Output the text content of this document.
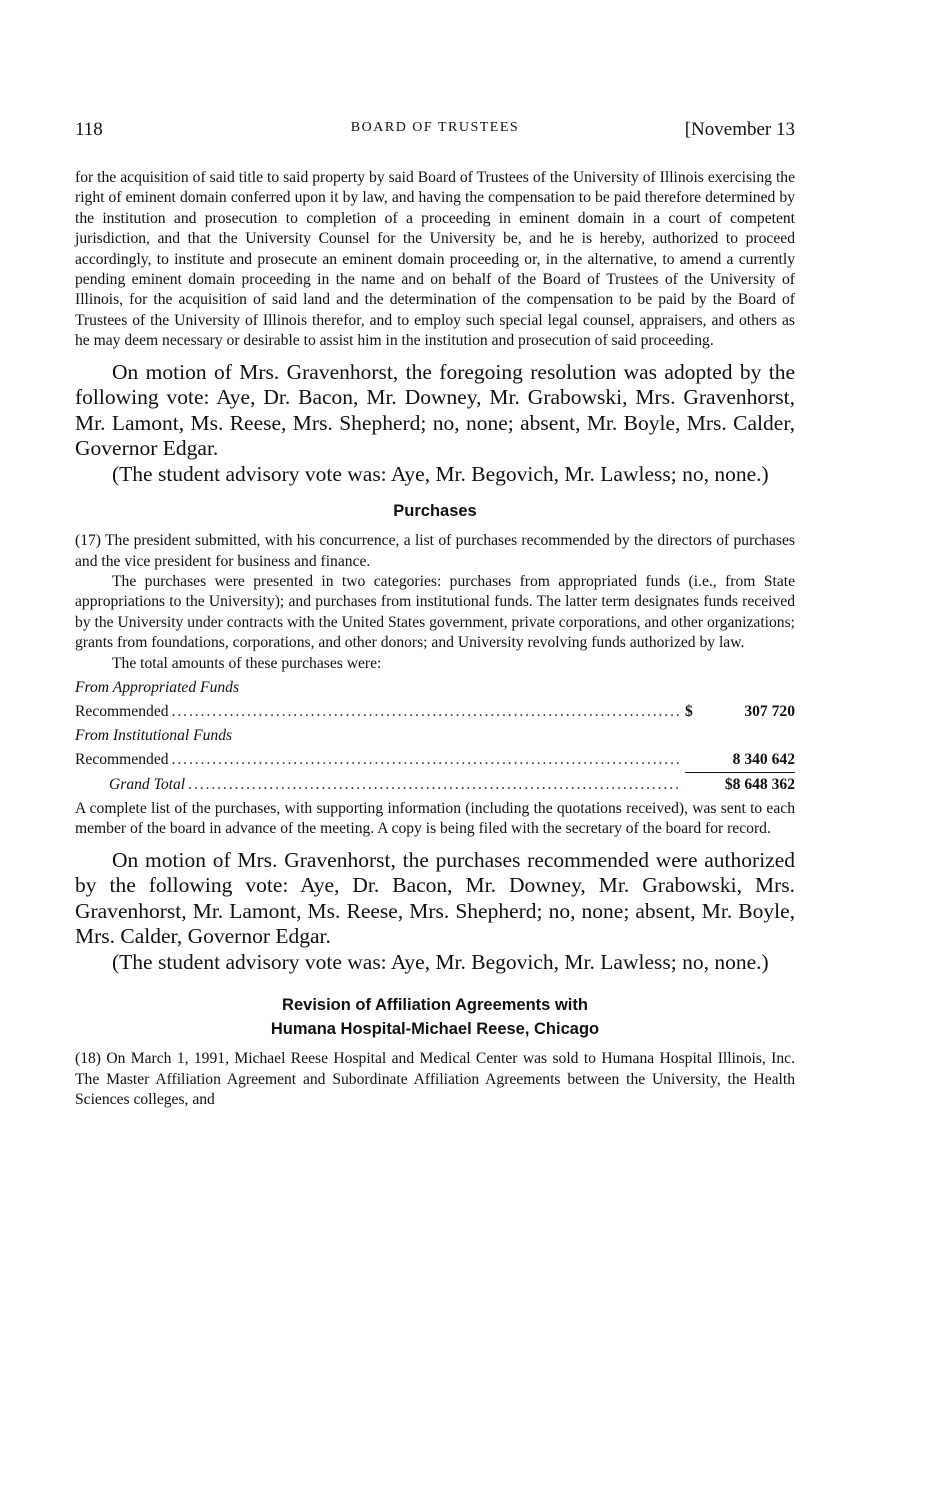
118	BOARD OF TRUSTEES	[November 13

for the acquisition of said title to said property by said Board of Trustees of the University of Illinois exercising the right of eminent domain conferred upon it by law, and having the compensation to be paid therefore determined by the institution and prosecution to completion of a proceeding in eminent domain in a court of competent jurisdiction, and that the University Counsel for the University be, and he is hereby, authorized to proceed accordingly, to institute and prosecute an eminent domain proceeding or, in the alternative, to amend a currently pending eminent domain proceeding in the name and on behalf of the Board of Trustees of the University of Illinois, for the acquisition of said land and the determination of the compensation to be paid by the Board of Trustees of the University of Illinois therefor, and to employ such special legal counsel, appraisers, and others as he may deem necessary or desirable to assist him in the institution and prosecution of said proceeding.

On motion of Mrs. Gravenhorst, the foregoing resolution was adopted by the following vote: Aye, Dr. Bacon, Mr. Downey, Mr. Grabowski, Mrs. Gravenhorst, Mr. Lamont, Ms. Reese, Mrs. Shepherd; no, none; absent, Mr. Boyle, Mrs. Calder, Governor Edgar.

(The student advisory vote was: Aye, Mr. Begovich, Mr. Lawless; no, none.)

Purchases

(17) The president submitted, with his concurrence, a list of purchases recommended by the directors of purchases and the vice president for business and finance.

The purchases were presented in two categories: purchases from appropriated funds (i.e., from State appropriations to the University); and purchases from institutional funds. The latter term designates funds received by the University under contracts with the United States government, private corporations, and other organizations; grants from foundations, corporations, and other donors; and University revolving funds authorized by law.

The total amounts of these purchases were:

From Appropriated Funds
Recommended . . .	$	307 720
From Institutional Funds
Recommended . . .	8 340 642
Grand Total . . .	$8 648 362

A complete list of the purchases, with supporting information (including the quotations received), was sent to each member of the board in advance of the meeting. A copy is being filed with the secretary of the board for record.

On motion of Mrs. Gravenhorst, the purchases recommended were authorized by the following vote: Aye, Dr. Bacon, Mr. Downey, Mr. Grabowski, Mrs. Gravenhorst, Mr. Lamont, Ms. Reese, Mrs. Shepherd; no, none; absent, Mr. Boyle, Mrs. Calder, Governor Edgar.

(The student advisory vote was: Aye, Mr. Begovich, Mr. Lawless; no, none.)

Revision of Affiliation Agreements with

Humana Hospital-Michael Reese, Chicago

(18) On March 1, 1991, Michael Reese Hospital and Medical Center was sold to Humana Hospital Illinois, Inc. The Master Affiliation Agreement and Subordinate Affiliation Agreements between the University, the Health Sciences colleges, and
